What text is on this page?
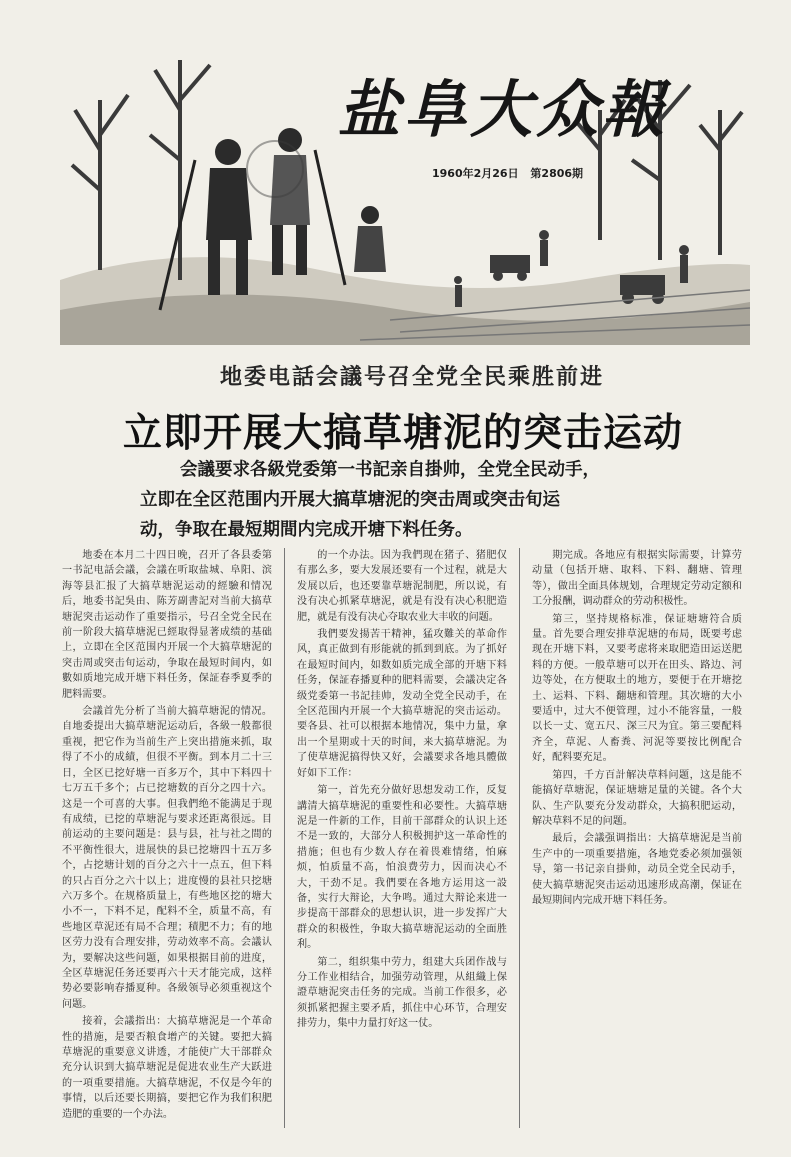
盐阜大众報
1960年2月26日 第2806期
地委电話会議号召全党全民乘胜前进
立即开展大搞草塘泥的突击运动
会議要求各級党委第一书記亲自掛帅，全党全民动手，
立即在全区范围内开展大搞草塘泥的突击周或突击旬运
动，争取在最短期間内完成开塘下料任务。

地委在本月二十四日晚，召开了各县委第一书記电話会議，会議在听取盐城、阜阳、滨海等县汇报了大搞草塘泥运动的經驗和情况后，地委书記吳由、陈芳副書記对当前大搞草塘泥突击运动作了重要指示，号召全党全民在前一阶段大搞草塘泥已經取得显著成绩的基础上，立即在全区范围内开展一个大搞草塘泥的突击周或突击旬运动，争取在最短时间内，如數如质地完成开塘下料任务，保証春季夏季的肥料需要。

会議首先分析了当前大搞草塘泥的情况。自地委提出大搞草塘泥运动后，各級一般都很重视，把它作为当前生产上突出措施来抓，取得了不小的成績，但很不平衡。到本月二十三日，全区已挖好塘一百多万个，其中下料四十七万五千多个；占已挖塘数的百分之四十六。这是一个可喜的大事。但我們绝不能满足于现有成绩，已挖的草塘泥与要求还距离很远。目前运动的主要问题是：县与县，社与社之間的不平衡性很大，进展快的县已挖塘四十五万多个，占挖塘计划的百分之六十一点五，但下料的只占百分之六十以上；进度慢的县社只挖塘六万多个。在规格质量上，有些地区挖的塘大小不一，下料不足，配料不全，质量不高，有些地区草泥还有局不合理；積肥不力；有的地区劳力没有合理安排，劳动效率不高。会議认为，要解决这些问题，如果根据目前的进度，全区草塘泥任务还要再六十天才能完成，这样势必要影响春播夏种。各級领导必须重视这个问题。

接着，会議指出：大搞草塘泥是一个革命性的措施，是要否粮食增产的关键。要把大搞草塘泥的重要意义讲透，才能使广大干部群众充分认识到大搞草塘泥是促进农业生产大跃进的一項重要措施。大搞草塘泥，不仅是今年的事情，以后还要长期搞，要把它作为我们积肥造肥的重要的一个办法。

的一个办法。因为我們现在猪子、猪肥仅有那么多，要大发展还要有一个过程，就是大发展以后，也还要靠草塘泥制肥，所以说，有没有决心抓紧草塘泥，就是有没有决心积肥造肥，就是有没有决心夺取农业大丰收的问题。

我們要发揚苦干精神，猛攻難关的革命作风，真正做到有形能就的抓到到底。为了抓好在最短时间内，如数如质完成全部的开塘下料任务，保証春播夏种的肥料需要，会議决定各级党委第一书記挂帅，发动全党全民动手，在全区范围内开展一个大搞草塘泥的突击运动。要各县、社可以根据本地情况，集中力量，拿出一个星期或十天的时间，来大搞草塘泥。为了使草塘泥搞得快又好，会議要求各地具體做好如下工作：

第一，首先充分做好思想发动工作，反复講清大搞草塘泥的重要性和必要性。大搞草塘泥是一件新的工作，目前干部群众的认识上还不是一致的，大部分人积极拥护这一革命性的措施；但也有少数人存在着畏难情绪，怕麻烦，怕质量不高，怕浪费劳力，因而决心不大，干劲不足。我們要在各地方运用这一設备，实行大辩论，大争鸣。通过大辩论来进一步提高干部群众的思想认识，进一步发挥广大群众的积极性，争取大搞草塘泥运动的全面胜利。

第二，组织集中劳力，组建大兵团作战与分工作业相结合，加强劳动管理，从組織上保證草塘泥突击任务的完成。当前工作很多，必须抓紧把握主要矛盾，抓住中心环节，合理安排劳力，集中力量打好这一仗。

期完成。各地应有根据实际需要，计算劳动量（包括开塘、取料、下料、翻塘、管理等），做出全面具体规划，合理规定劳动定额和工分报酬，调动群众的劳动积极性。

第三，坚持规格标准，保证塘塘符合质量。首先要合理安排草泥塘的布局，既要考虑现在开塘下料，又要考虑将来取肥造田运送肥料的方便。一般草塘可以开在田头、路边、河边等处，在方便取土的地方，要便于在开塘挖土、运料、下料、翻塘和管理。其次塘的大小要适中，过大不便管理，过小不能容量，一般以长一丈、宽五尺、深三尺为宜。第三要配料齐全，草泥、人畜粪、河泥等要按比例配合好，配料要充足。

第四，千方百計解决草料问题，这是能不能搞好草塘泥，保证塘塘足量的关键。各个大队、生产队要充分发动群众，大搞积肥运动，解决草料不足的问题。

最后，会議强调指出：大搞草塘泥是当前生产中的一项重要措施，各地党委必须加强领导，第一书记亲自掛帅，动员全党全民动手，使大搞草塘泥突击运动迅速形成高潮，保证在最短期间内完成开塘下料任务。
